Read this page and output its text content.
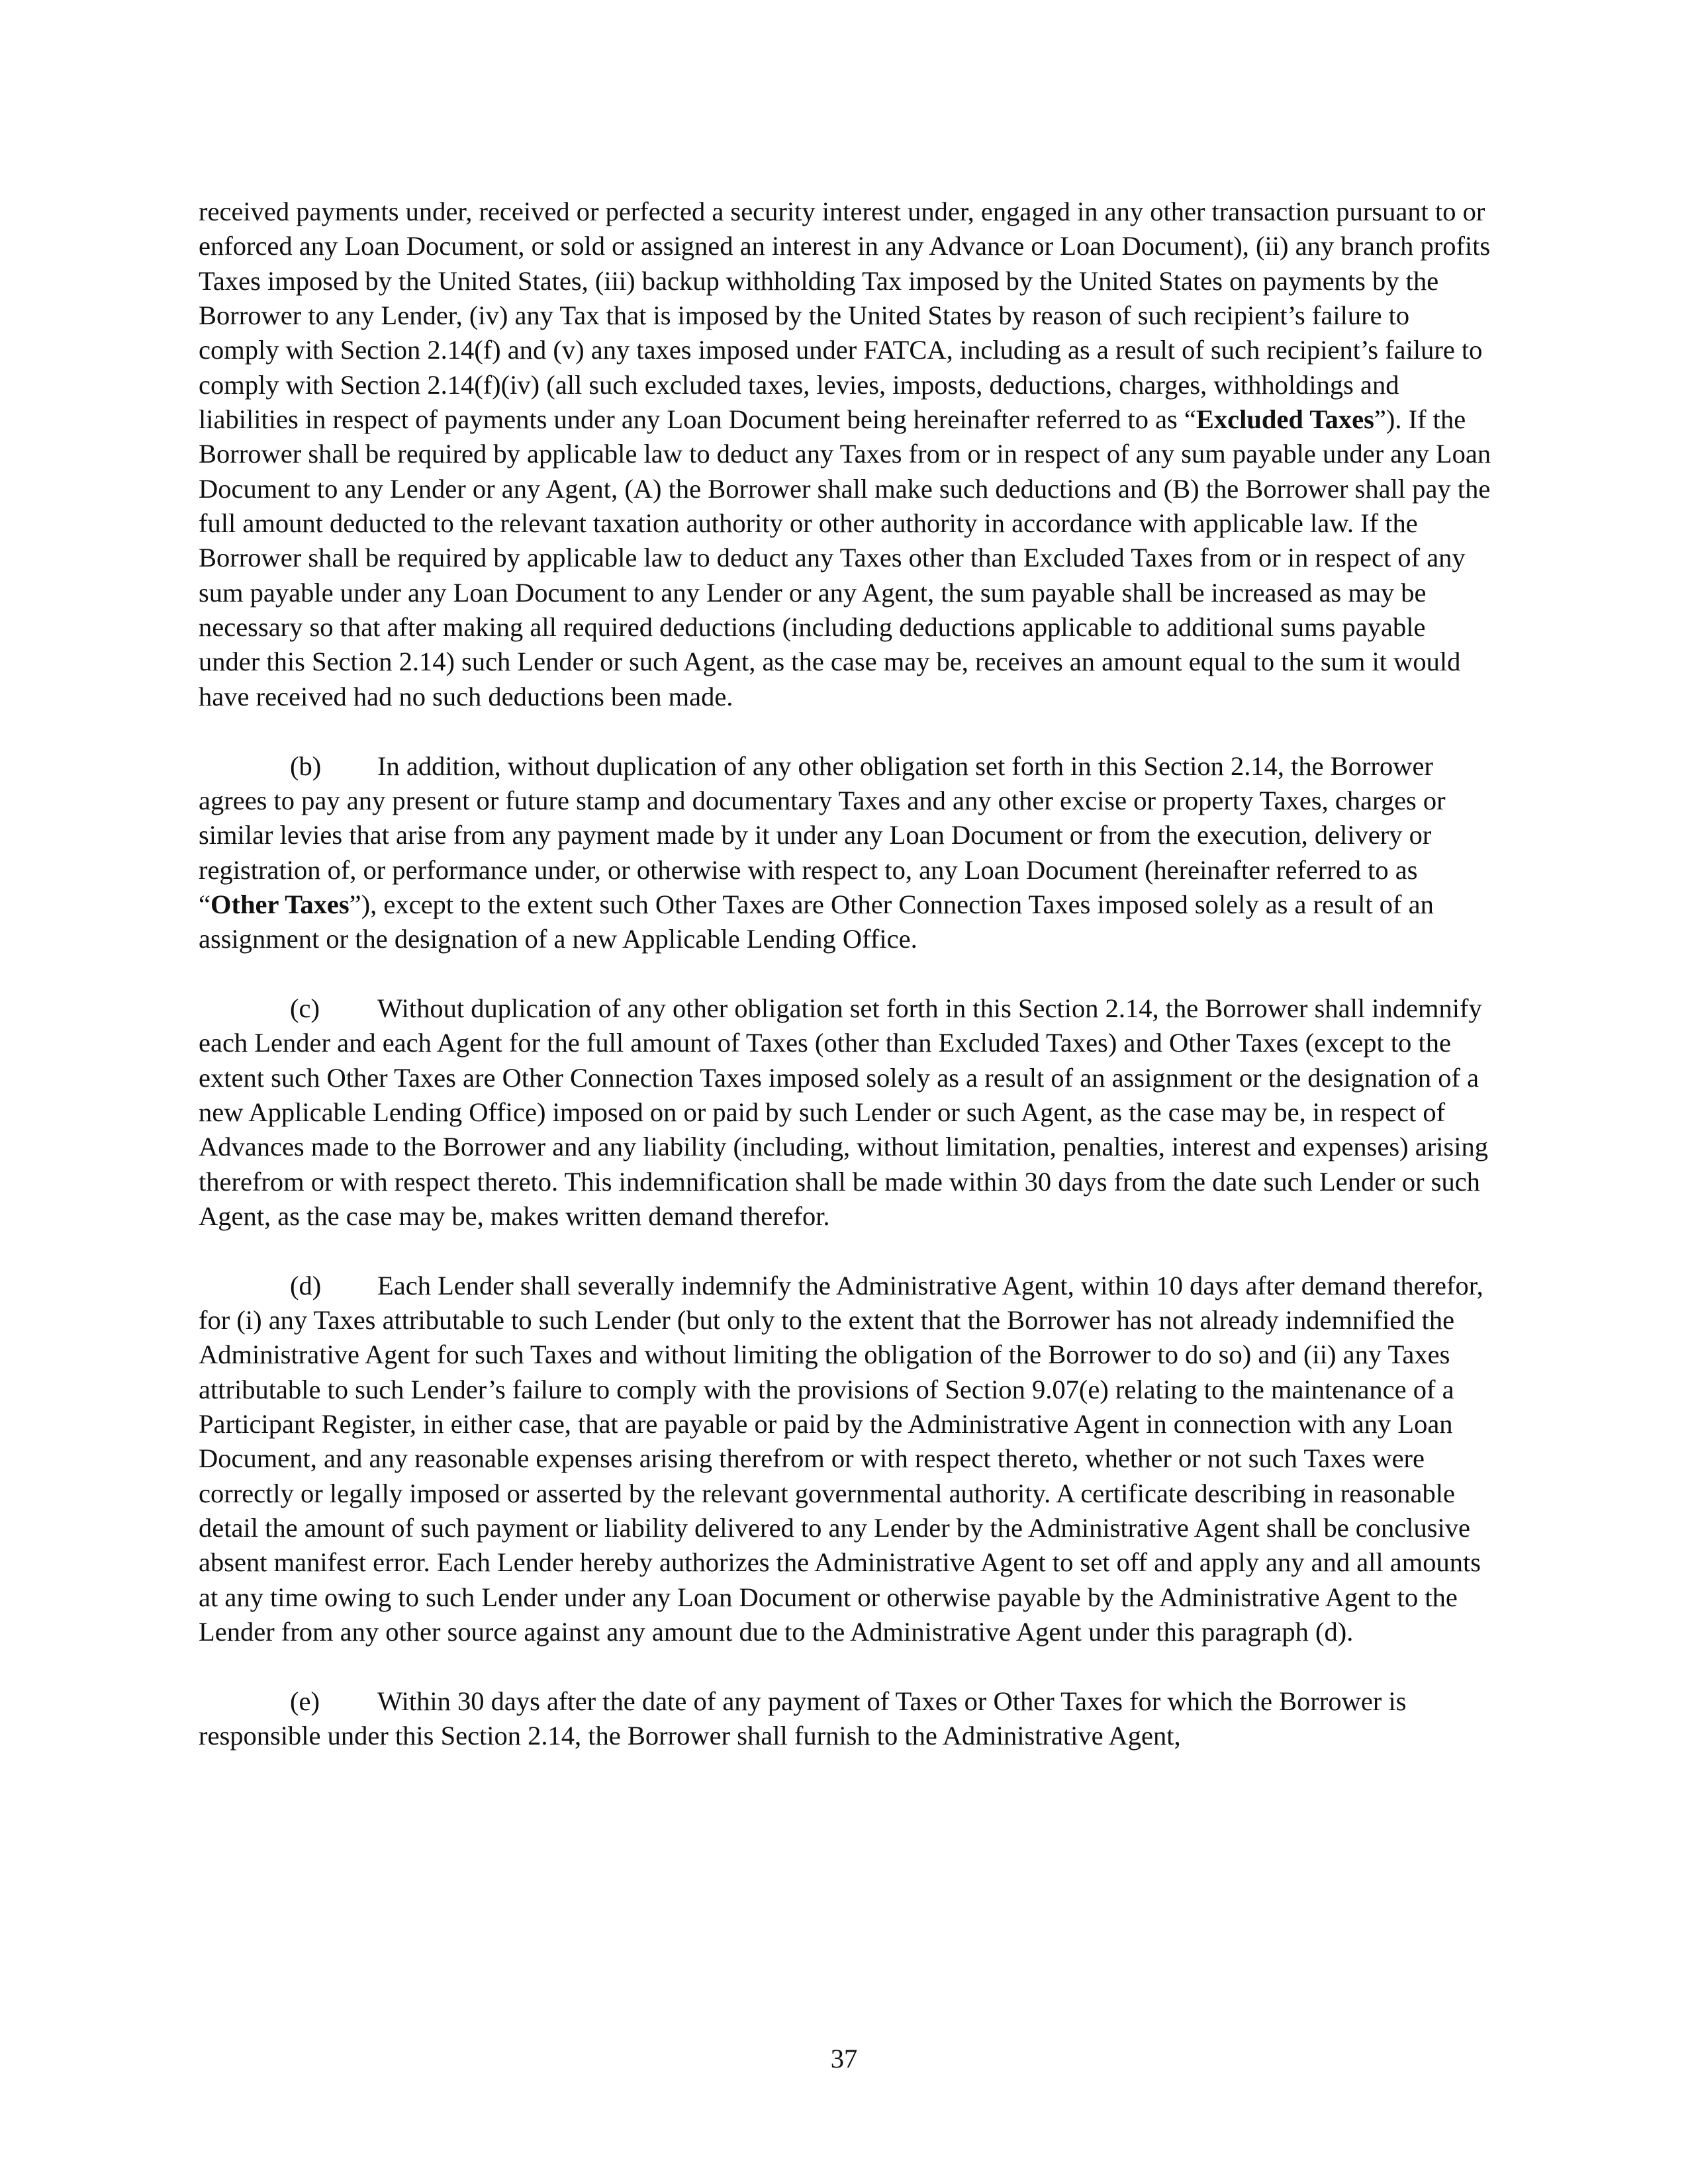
received payments under, received or perfected a security interest under, engaged in any other transaction pursuant to or enforced any Loan Document, or sold or assigned an interest in any Advance or Loan Document), (ii) any branch profits Taxes imposed by the United States, (iii) backup withholding Tax imposed by the United States on payments by the Borrower to any Lender, (iv) any Tax that is imposed by the United States by reason of such recipient’s failure to comply with Section 2.14(f) and (v) any taxes imposed under FATCA, including as a result of such recipient’s failure to comply with Section 2.14(f)(iv) (all such excluded taxes, levies, imposts, deductions, charges, withholdings and liabilities in respect of payments under any Loan Document being hereinafter referred to as “Excluded Taxes”). If the Borrower shall be required by applicable law to deduct any Taxes from or in respect of any sum payable under any Loan Document to any Lender or any Agent, (A) the Borrower shall make such deductions and (B) the Borrower shall pay the full amount deducted to the relevant taxation authority or other authority in accordance with applicable law. If the Borrower shall be required by applicable law to deduct any Taxes other than Excluded Taxes from or in respect of any sum payable under any Loan Document to any Lender or any Agent, the sum payable shall be increased as may be necessary so that after making all required deductions (including deductions applicable to additional sums payable under this Section 2.14) such Lender or such Agent, as the case may be, receives an amount equal to the sum it would have received had no such deductions been made.

(b) In addition, without duplication of any other obligation set forth in this Section 2.14, the Borrower agrees to pay any present or future stamp and documentary Taxes and any other excise or property Taxes, charges or similar levies that arise from any payment made by it under any Loan Document or from the execution, delivery or registration of, or performance under, or otherwise with respect to, any Loan Document (hereinafter referred to as “Other Taxes”), except to the extent such Other Taxes are Other Connection Taxes imposed solely as a result of an assignment or the designation of a new Applicable Lending Office.

(c) Without duplication of any other obligation set forth in this Section 2.14, the Borrower shall indemnify each Lender and each Agent for the full amount of Taxes (other than Excluded Taxes) and Other Taxes (except to the extent such Other Taxes are Other Connection Taxes imposed solely as a result of an assignment or the designation of a new Applicable Lending Office) imposed on or paid by such Lender or such Agent, as the case may be, in respect of Advances made to the Borrower and any liability (including, without limitation, penalties, interest and expenses) arising therefrom or with respect thereto. This indemnification shall be made within 30 days from the date such Lender or such Agent, as the case may be, makes written demand therefor.

(d) Each Lender shall severally indemnify the Administrative Agent, within 10 days after demand therefor, for (i) any Taxes attributable to such Lender (but only to the extent that the Borrower has not already indemnified the Administrative Agent for such Taxes and without limiting the obligation of the Borrower to do so) and (ii) any Taxes attributable to such Lender’s failure to comply with the provisions of Section 9.07(e) relating to the maintenance of a Participant Register, in either case, that are payable or paid by the Administrative Agent in connection with any Loan Document, and any reasonable expenses arising therefrom or with respect thereto, whether or not such Taxes were correctly or legally imposed or asserted by the relevant governmental authority. A certificate describing in reasonable detail the amount of such payment or liability delivered to any Lender by the Administrative Agent shall be conclusive absent manifest error. Each Lender hereby authorizes the Administrative Agent to set off and apply any and all amounts at any time owing to such Lender under any Loan Document or otherwise payable by the Administrative Agent to the Lender from any other source against any amount due to the Administrative Agent under this paragraph (d).

(e) Within 30 days after the date of any payment of Taxes or Other Taxes for which the Borrower is responsible under this Section 2.14, the Borrower shall furnish to the Administrative Agent,

37
